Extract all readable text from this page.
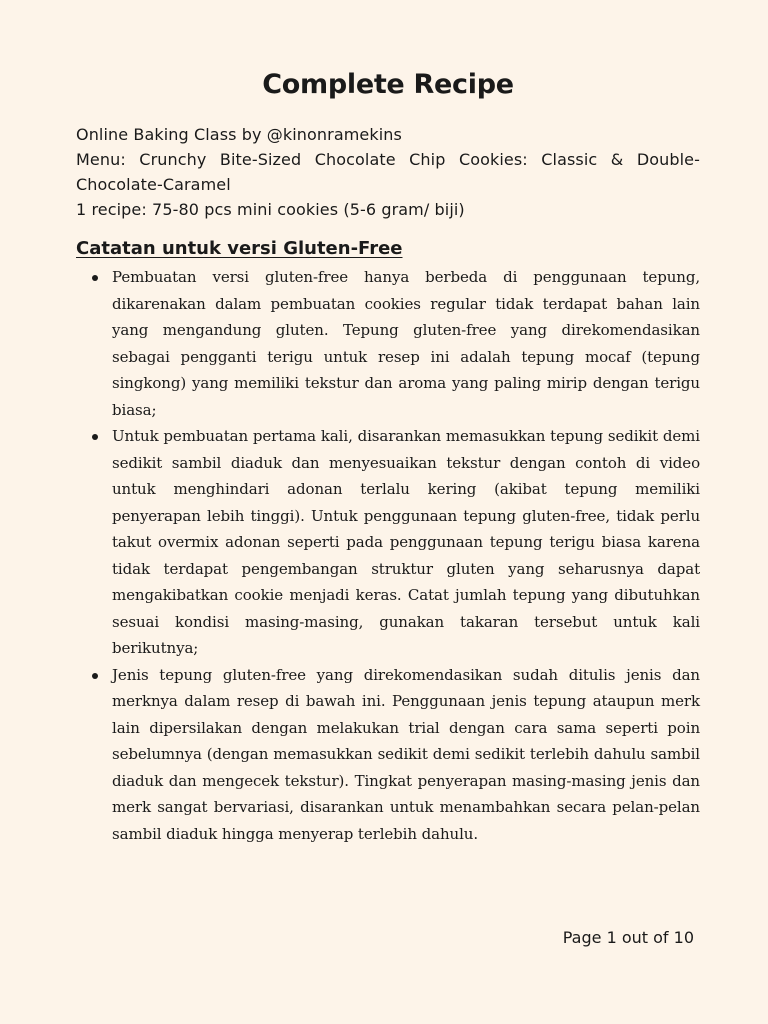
Complete Recipe

Online Baking Class by @kinonramekins
Menu: Crunchy Bite-Sized Chocolate Chip Cookies: Classic & Double-Chocolate-Caramel
1 recipe: 75-80 pcs mini cookies (5-6 gram/ biji)

Catatan untuk versi Gluten-Free
Pembuatan versi gluten-free hanya berbeda di penggunaan tepung, dikarenakan dalam pembuatan cookies regular tidak terdapat bahan lain yang mengandung gluten. Tepung gluten-free yang direkomendasikan sebagai pengganti terigu untuk resep ini adalah tepung mocaf (tepung singkong) yang memiliki tekstur dan aroma yang paling mirip dengan terigu biasa;
Untuk pembuatan pertama kali, disarankan memasukkan tepung sedikit demi sedikit sambil diaduk dan menyesuaikan tekstur dengan contoh di video untuk menghindari adonan terlalu kering (akibat tepung memiliki penyerapan lebih tinggi). Untuk penggunaan tepung gluten-free, tidak perlu takut overmix adonan seperti pada penggunaan tepung terigu biasa karena tidak terdapat pengembangan struktur gluten yang seharusnya dapat mengakibatkan cookie menjadi keras. Catat jumlah tepung yang dibutuhkan sesuai kondisi masing-masing, gunakan takaran tersebut untuk kali berikutnya;
Jenis tepung gluten-free yang direkomendasikan sudah ditulis jenis dan merknya dalam resep di bawah ini. Penggunaan jenis tepung ataupun merk lain dipersilakan dengan melakukan trial dengan cara sama seperti poin sebelumnya (dengan memasukkan sedikit demi sedikit terlebih dahulu sambil diaduk dan mengecek tekstur). Tingkat penyerapan masing-masing jenis dan merk sangat bervariasi, disarankan untuk menambahkan secara pelan-pelan sambil diaduk hingga menyerap terlebih dahulu.
Page 1 out of 10
